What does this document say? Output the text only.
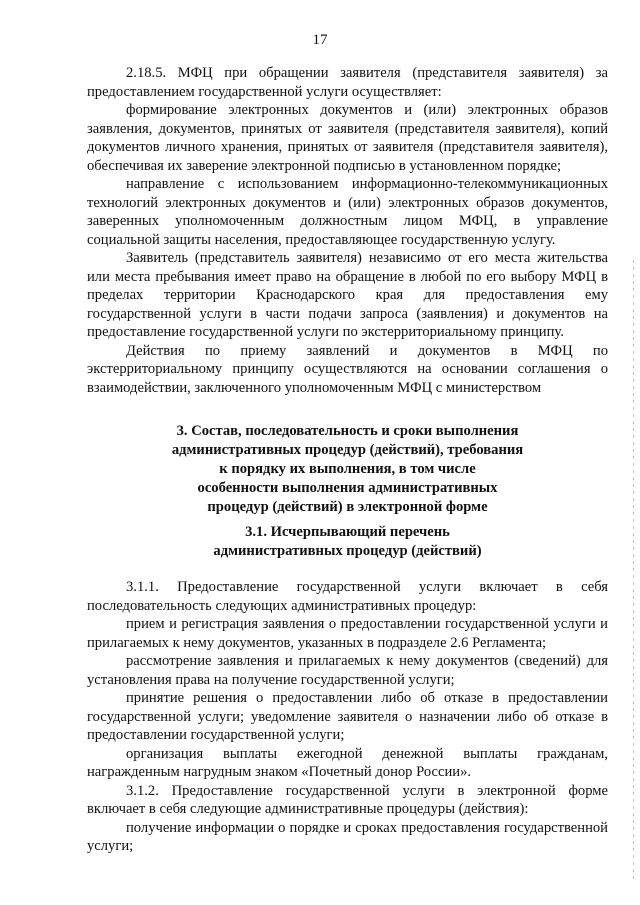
17

2.18.5. МФЦ при обращении заявителя (представителя заявителя) за предоставлением государственной услуги осуществляет:

формирование электронных документов и (или) электронных образов заявления, документов, принятых от заявителя (представителя заявителя), копий документов личного хранения, принятых от заявителя (представителя заявителя), обеспечивая их заверение электронной подписью в установленном порядке;

направление с использованием информационно-телекоммуникационных технологий электронных документов и (или) электронных образов документов, заверенных уполномоченным должностным лицом МФЦ, в управление социальной защиты населения, предоставляющее государственную услугу.

Заявитель (представитель заявителя) независимо от его места жительства или места пребывания имеет право на обращение в любой по его выбору МФЦ в пределах территории Краснодарского края для предоставления ему государственной услуги в части подачи запроса (заявления) и документов на предоставление государственной услуги по экстерриториальному принципу.

Действия по приему заявлений и документов в МФЦ по экстерриториальному принципу осуществляются на основании соглашения о взаимодействии, заключенного уполномоченным МФЦ с министерством

3. Состав, последовательность и сроки выполнения
административных процедур (действий), требования
к порядку их выполнения, в том числе
особенности выполнения административных
процедур (действий) в электронной форме
3.1. Исчерпывающий перечень
административных процедур (действий)

3.1.1. Предоставление государственной услуги включает в себя последовательность следующих административных процедур:

прием и регистрация заявления о предоставлении государственной услуги и прилагаемых к нему документов, указанных в подразделе 2.6 Регламента;

рассмотрение заявления и прилагаемых к нему документов (сведений) для установления права на получение государственной услуги;

принятие решения о предоставлении либо об отказе в предоставлении государственной услуги; уведомление заявителя о назначении либо об отказе в предоставлении государственной услуги;

организация выплаты ежегодной денежной выплаты гражданам, награжденным нагрудным знаком «Почетный донор России».

3.1.2. Предоставление государственной услуги в электронной форме включает в себя следующие административные процедуры (действия):

получение информации о порядке и сроках предоставления государственной услуги;
